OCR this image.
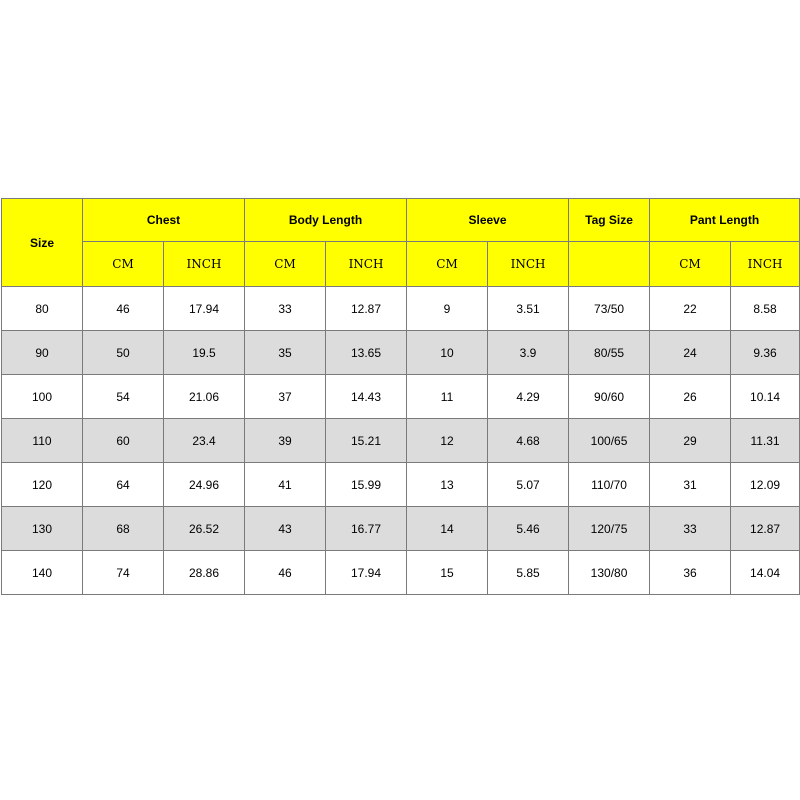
Size	Chest		Body Length		Sleeve		Tag Size	Pant Length	
	CM	INCH	CM	INCH	CM	INCH		CM	INCH
80	46	17.94	33	12.87	9	3.51	73/50	22	8.58
90	50	19.5	35	13.65	10	3.9	80/55	24	9.36
100	54	21.06	37	14.43	11	4.29	90/60	26	10.14
110	60	23.4	39	15.21	12	4.68	100/65	29	11.31
120	64	24.96	41	15.99	13	5.07	110/70	31	12.09
130	68	26.52	43	16.77	14	5.46	120/75	33	12.87
140	74	28.86	46	17.94	15	5.85	130/80	36	14.04
